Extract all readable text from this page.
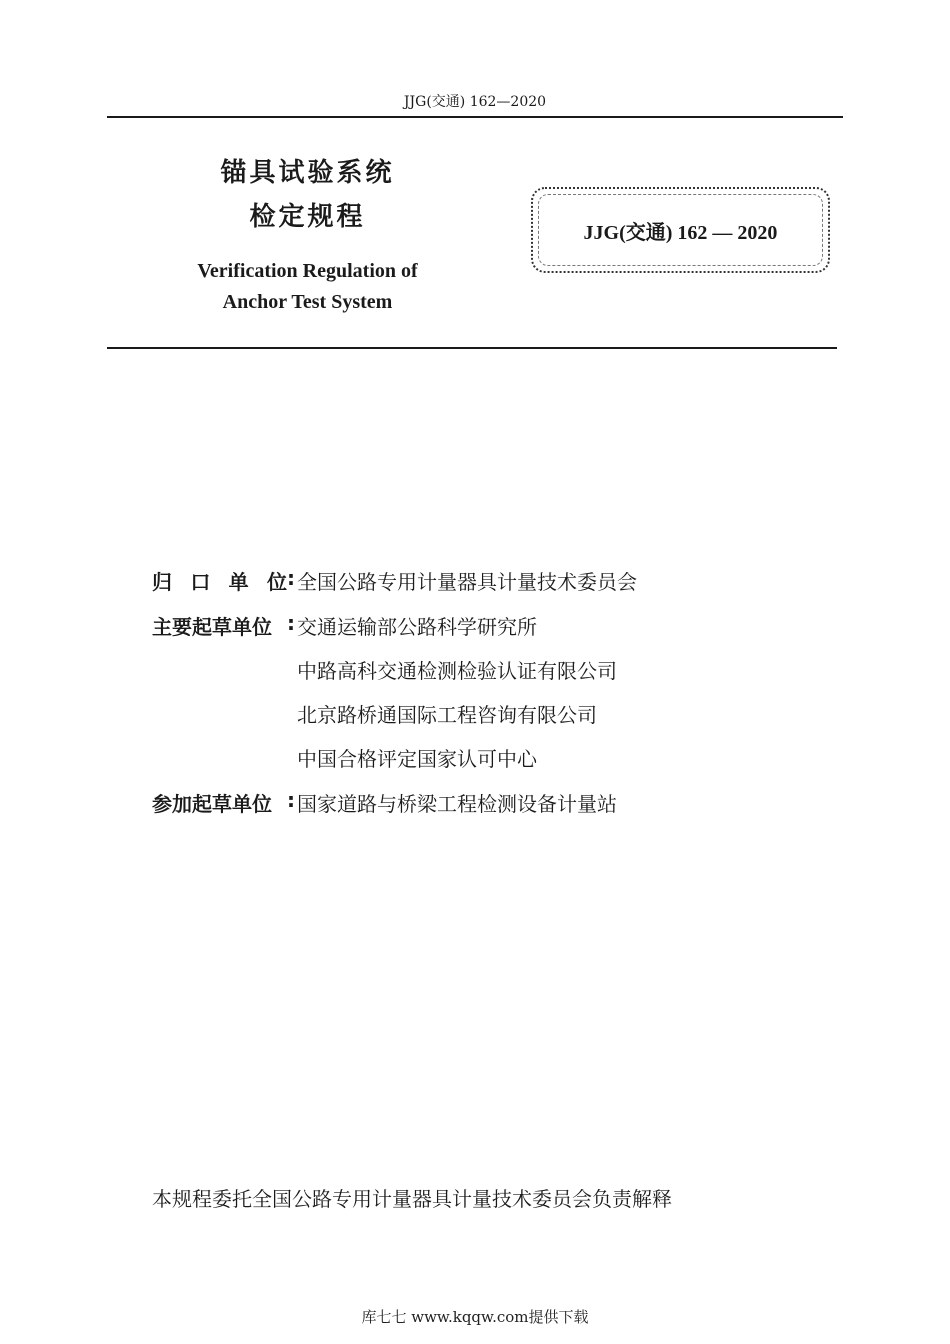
JJG(交通) 162—2020
锚具试验系统
检定规程
Verification Regulation of
Anchor Test System
JJG(交通) 162 — 2020
归 口 单 位 : 全国公路专用计量器具计量技术委员会
主要起草单位 : 交通运输部公路科学研究所
中路高科交通检测检验认证有限公司
北京路桥通国际工程咨询有限公司
中国合格评定国家认可中心
参加起草单位 : 国家道路与桥梁工程检测设备计量站
本规程委托全国公路专用计量器具计量技术委员会负责解释
库七七 www.kqqw.com提供下载
